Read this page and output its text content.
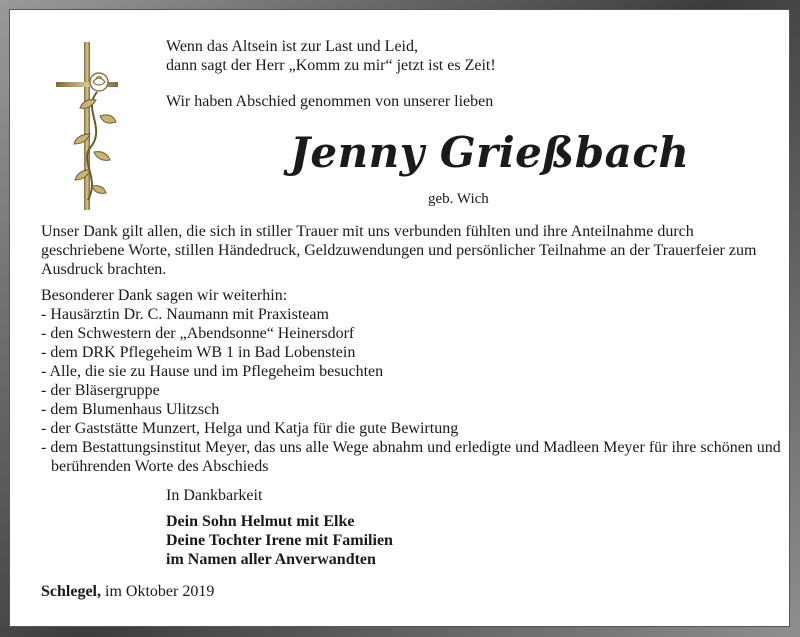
Wenn das Altsein ist zur Last und Leid,

dann sagt der Herr „Komm zu mir“ jetzt ist es Zeit!

Wir haben Abschied genommen von unserer lieben
Jenny Grießbach
geb. Wich
Unser Dank gilt allen, die sich in stiller Trauer mit uns verbunden fühlten und ihre Anteilnahme durch geschriebene Worte, stillen Händedruck, Geldzuwendungen und persönlicher Teilnahme an der Trauerfeier zum Ausdruck brachten.
Besonderer Dank sagen wir weiterhin:
- Hausärztin Dr. C. Naumann mit Praxisteam
- den Schwestern der „Abendsonne“ Heinersdorf
- dem DRK Pflegeheim WB 1 in Bad Lobenstein
- Alle, die sie zu Hause und im Pflegeheim besuchten
- der Bläsergruppe
- dem Blumenhaus Ulitzsch
- der Gaststätte Munzert, Helga und Katja für die gute Bewirtung
- dem Bestattungsinstitut Meyer, das uns alle Wege abnahm und erledigte und Madleen Meyer für ihre schönen und berührenden Worte des Abschieds
In Dankbarkeit
Dein Sohn Helmut mit Elke
Deine Tochter Irene mit Familien
im Namen aller Anverwandten
Schlegel, im Oktober 2019
